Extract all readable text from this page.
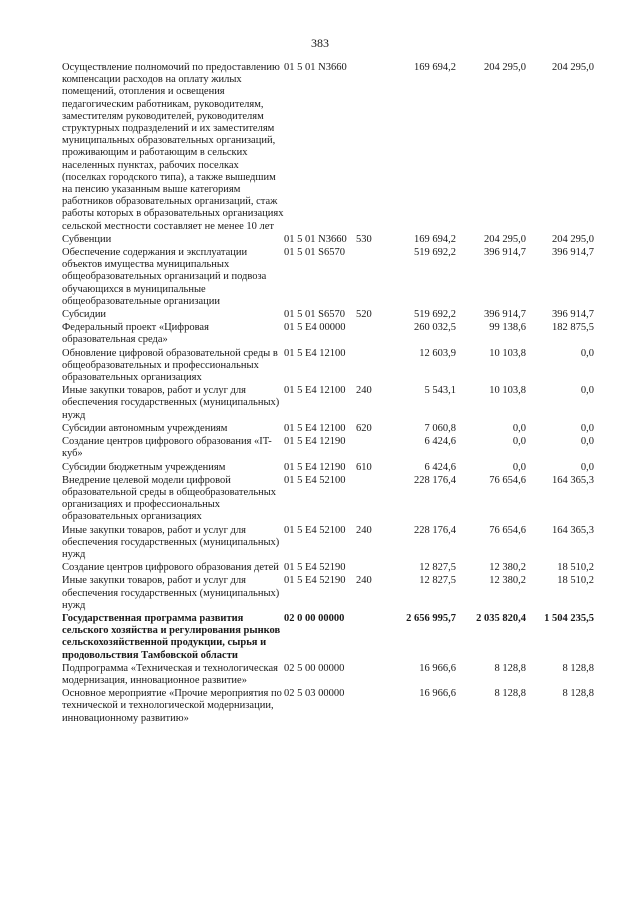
383
Осуществление полномочий по предоставлению компенсации расходов на оплату жилых помещений, отопления и освещения педагогическим работникам, руководителям, заместителям руководителей, руководителям структурных подразделений и их заместителям муниципальных образовательных организаций, проживающим и работающим в сельских населенных пунктах, рабочих поселках (поселках городского типа), а также вышедшим на пенсию указанным выше категориям работников образовательных организаций, стаж работы которых в образовательных организациях сельской местности составляет не менее 10 лет	01 5 01 N3660		169 694,2	204 295,0	204 295,0
Субвенции	01 5 01 N3660	530	169 694,2	204 295,0	204 295,0
Обеспечение содержания и эксплуатации объектов имущества муниципальных общеобразовательных организаций и подвоза обучающихся в муниципальные общеобразовательные организации	01 5 01 S6570		519 692,2	396 914,7	396 914,7
Субсидии	01 5 01 S6570	520	519 692,2	396 914,7	396 914,7
Федеральный проект «Цифровая образовательная среда»	01 5 E4 00000		260 032,5	99 138,6	182 875,5
Обновление цифровой образовательной среды в общеобразовательных и профессиональных образовательных организациях	01 5 E4 12100		12 603,9	10 103,8	0,0
Иные закупки товаров, работ и услуг для обеспечения государственных (муниципальных) нужд	01 5 E4 12100	240	5 543,1	10 103,8	0,0
Субсидии автономным учреждениям	01 5 E4 12100	620	7 060,8	0,0	0,0
Создание центров цифрового образования «IT-куб»	01 5 E4 12190		6 424,6	0,0	0,0
Субсидии бюджетным учреждениям	01 5 E4 12190	610	6 424,6	0,0	0,0
Внедрение целевой модели цифровой образовательной среды в общеобразовательных организациях и профессиональных образовательных организациях	01 5 E4 52100		228 176,4	76 654,6	164 365,3
Иные закупки товаров, работ и услуг для обеспечения государственных (муниципальных) нужд	01 5 E4 52100	240	228 176,4	76 654,6	164 365,3
Создание центров цифрового образования детей	01 5 E4 52190		12 827,5	12 380,2	18 510,2
Иные закупки товаров, работ и услуг для обеспечения государственных (муниципальных) нужд	01 5 E4 52190	240	12 827,5	12 380,2	18 510,2
Государственная программа развития сельского хозяйства и регулирования рынков сельскохозяйственной продукции, сырья и продовольствия Тамбовской области	02 0 00 00000		2 656 995,7	2 035 820,4	1 504 235,5
Подпрограмма «Техническая и технологическая модернизация, инновационное развитие»	02 5 00 00000		16 966,6	8 128,8	8 128,8
Основное мероприятие «Прочие мероприятия по технической и технологической модернизации, инновационному развитию»	02 5 03 00000		16 966,6	8 128,8	8 128,8
